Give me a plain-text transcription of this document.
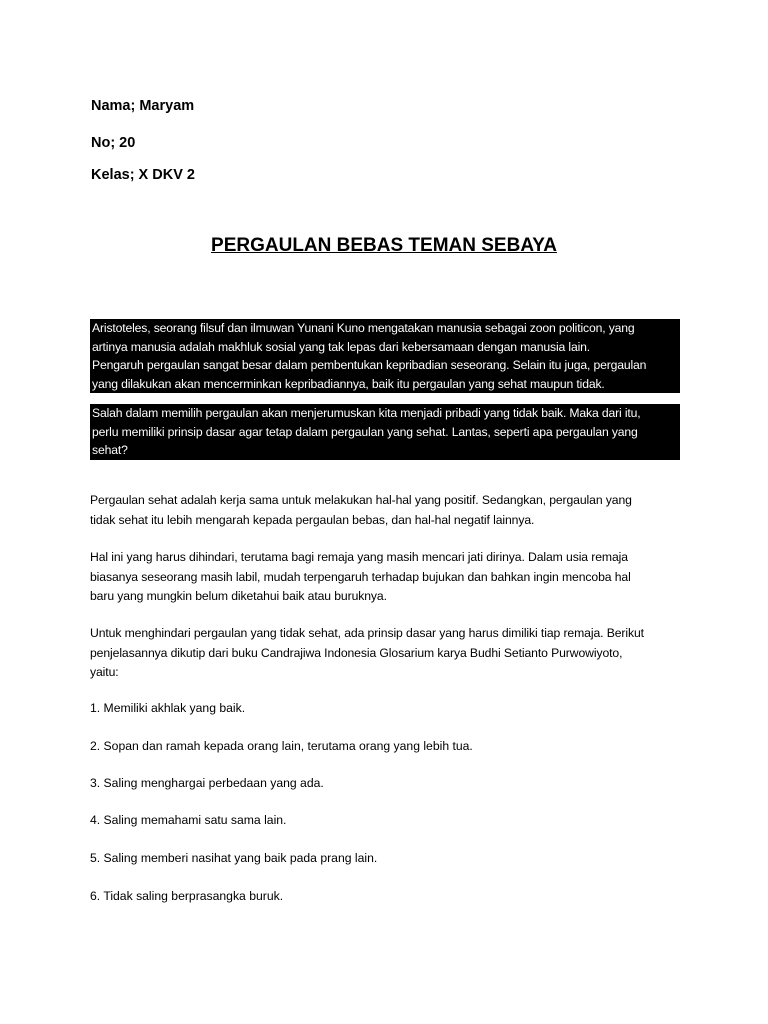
Nama; Maryam
No; 20
Kelas; X DKV 2
PERGAULAN BEBAS TEMAN SEBAYA
Aristoteles, seorang filsuf dan ilmuwan Yunani Kuno mengatakan manusia sebagai zoon politicon, yang
artinya manusia adalah makhluk sosial yang tak lepas dari kebersamaan dengan manusia lain.
Pengaruh pergaulan sangat besar dalam pembentukan kepribadian seseorang. Selain itu juga, pergaulan
yang dilakukan akan mencerminkan kepribadiannya, baik itu pergaulan yang sehat maupun tidak.
Salah dalam memilih pergaulan akan menjerumuskan kita menjadi pribadi yang tidak baik. Maka dari itu,
perlu memiliki prinsip dasar agar tetap dalam pergaulan yang sehat. Lantas, seperti apa pergaulan yang
sehat?
Pergaulan sehat adalah kerja sama untuk melakukan hal-hal yang positif. Sedangkan, pergaulan yang
tidak sehat itu lebih mengarah kepada pergaulan bebas, dan hal-hal negatif lainnya.
Hal ini yang harus dihindari, terutama bagi remaja yang masih mencari jati dirinya. Dalam usia remaja
biasanya seseorang masih labil, mudah terpengaruh terhadap bujukan dan bahkan ingin mencoba hal
baru yang mungkin belum diketahui baik atau buruknya.
Untuk menghindari pergaulan yang tidak sehat, ada prinsip dasar yang harus dimiliki tiap remaja. Berikut
penjelasannya dikutip dari buku Candrajiwa Indonesia Glosarium karya Budhi Setianto Purwowiyoto,
yaitu:
1. Memiliki akhlak yang baik.
2. Sopan dan ramah kepada orang lain, terutama orang yang lebih tua.
3. Saling menghargai perbedaan yang ada.
4. Saling memahami satu sama lain.
5. Saling memberi nasihat yang baik pada prang lain.
6. Tidak saling berprasangka buruk.
